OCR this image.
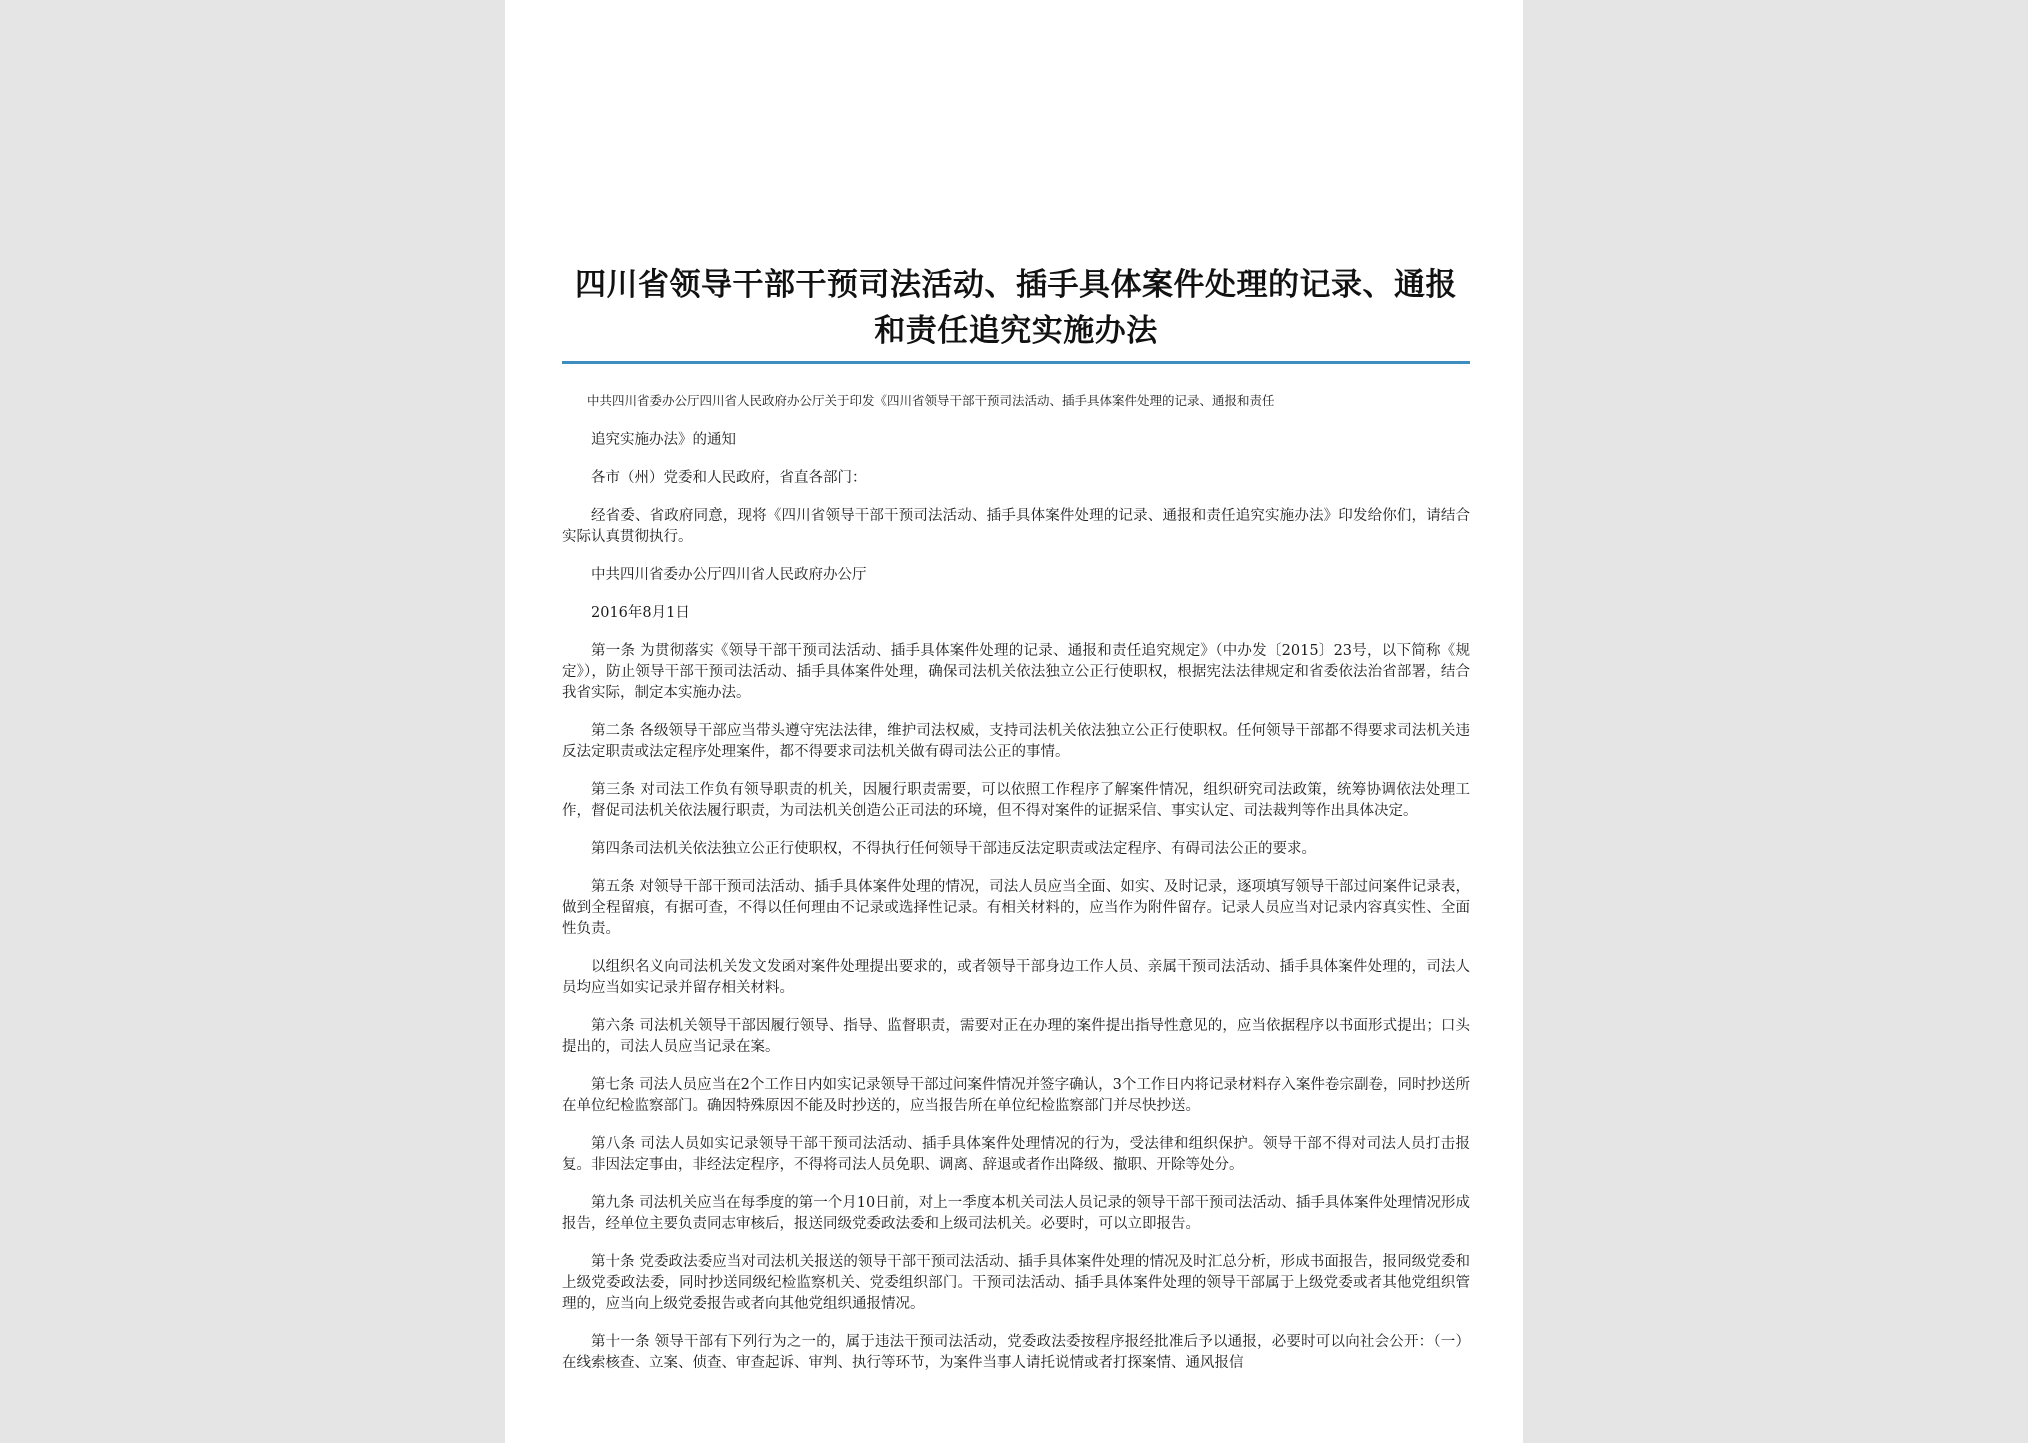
四川省领导干部干预司法活动、插手具体案件处理的记录、通报和责任追究实施办法

中共四川省委办公厅四川省人民政府办公厅关于印发《四川省领导干部干预司法活动、插手具体案件处理的记录、通报和责任

追究实施办法》的通知

各市（州）党委和人民政府，省直各部门：

经省委、省政府同意，现将《四川省领导干部干预司法活动、插手具体案件处理的记录、通报和责任追究实施办法》印发给你们，请结合实际认真贯彻执行。

中共四川省委办公厅四川省人民政府办公厅

2016年8月1日

第一条 为贯彻落实《领导干部干预司法活动、插手具体案件处理的记录、通报和责任追究规定》（中办发〔2015〕23号，以下简称《规定》），防止领导干部干预司法活动、插手具体案件处理，确保司法机关依法独立公正行使职权，根据宪法法律规定和省委依法治省部署，结合我省实际，制定本实施办法。

第二条 各级领导干部应当带头遵守宪法法律，维护司法权威，支持司法机关依法独立公正行使职权。任何领导干部都不得要求司法机关违反法定职责或法定程序处理案件，都不得要求司法机关做有碍司法公正的事情。

第三条 对司法工作负有领导职责的机关，因履行职责需要，可以依照工作程序了解案件情况，组织研究司法政策，统筹协调依法处理工作，督促司法机关依法履行职责，为司法机关创造公正司法的环境，但不得对案件的证据采信、事实认定、司法裁判等作出具体决定。

第四条司法机关依法独立公正行使职权，不得执行任何领导干部违反法定职责或法定程序、有碍司法公正的要求。

第五条 对领导干部干预司法活动、插手具体案件处理的情况，司法人员应当全面、如实、及时记录，逐项填写领导干部过问案件记录表，做到全程留痕，有据可查，不得以任何理由不记录或选择性记录。有相关材料的，应当作为附件留存。记录人员应当对记录内容真实性、全面性负责。

以组织名义向司法机关发文发函对案件处理提出要求的，或者领导干部身边工作人员、亲属干预司法活动、插手具体案件处理的，司法人员均应当如实记录并留存相关材料。

第六条 司法机关领导干部因履行领导、指导、监督职责，需要对正在办理的案件提出指导性意见的，应当依据程序以书面形式提出；口头提出的，司法人员应当记录在案。

第七条 司法人员应当在2个工作日内如实记录领导干部过问案件情况并签字确认，3个工作日内将记录材料存入案件卷宗副卷，同时抄送所在单位纪检监察部门。确因特殊原因不能及时抄送的，应当报告所在单位纪检监察部门并尽快抄送。

第八条 司法人员如实记录领导干部干预司法活动、插手具体案件处理情况的行为，受法律和组织保护。领导干部不得对司法人员打击报复。非因法定事由，非经法定程序，不得将司法人员免职、调离、辞退或者作出降级、撤职、开除等处分。

第九条 司法机关应当在每季度的第一个月10日前，对上一季度本机关司法人员记录的领导干部干预司法活动、插手具体案件处理情况形成报告，经单位主要负责同志审核后，报送同级党委政法委和上级司法机关。必要时，可以立即报告。

第十条 党委政法委应当对司法机关报送的领导干部干预司法活动、插手具体案件处理的情况及时汇总分析，形成书面报告，报同级党委和上级党委政法委，同时抄送同级纪检监察机关、党委组织部门。干预司法活动、插手具体案件处理的领导干部属于上级党委或者其他党组织管理的，应当向上级党委报告或者向其他党组织通报情况。

第十一条 领导干部有下列行为之一的，属于违法干预司法活动，党委政法委按程序报经批准后予以通报，必要时可以向社会公开：（一）在线索核查、立案、侦查、审查起诉、审判、执行等环节，为案件当事人请托说情或者打探案情、通风报信
